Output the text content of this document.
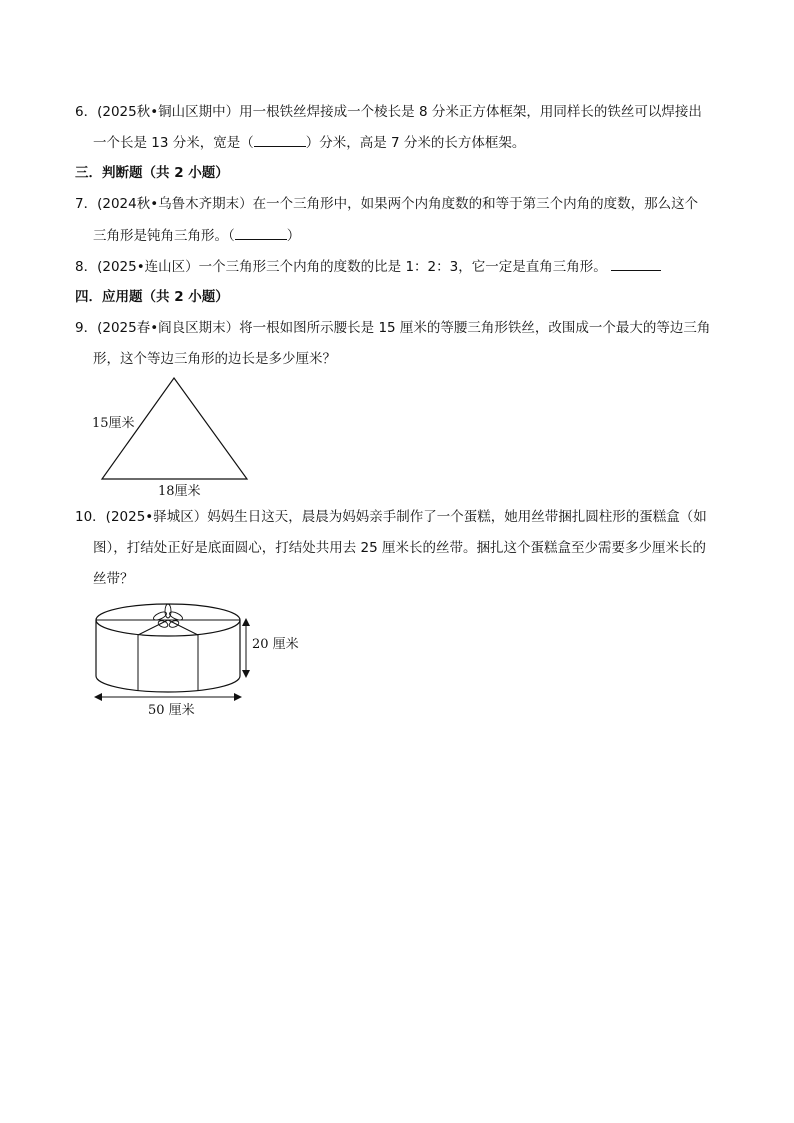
6．(2025秋•铜山区期中）用一根铁丝焊接成一个棱长是 8 分米正方体框架，用同样长的铁丝可以焊接出
一个长是 13 分米，宽是（	）分米，高是 7 分米的长方体框架。
三．判断题（共 2 小题）
7．(2024秋•乌鲁木齐期末）在一个三角形中，如果两个内角度数的和等于第三个内角的度数，那么这个
三角形是钝角三角形。（	）
8．(2025•连山区）一个三角形三个内角的度数的比是 1：2：3，它一定是直角三角形。
四．应用题（共 2 小题）
9．(2025春•阎良区期末）将一根如图所示腰长是 15 厘米的等腰三角形铁丝，改围成一个最大的等边三角
形，这个等边三角形的边长是多少厘米？
15厘米
18厘米
10．(2025•驿城区）妈妈生日这天，晨晨为妈妈亲手制作了一个蛋糕，她用丝带捆扎圆柱形的蛋糕盒（如
图），打结处正好是底面圆心，打结处共用去 25 厘米长的丝带。捆扎这个蛋糕盒至少需要多少厘米长的
丝带？
20 厘米
50 厘米
